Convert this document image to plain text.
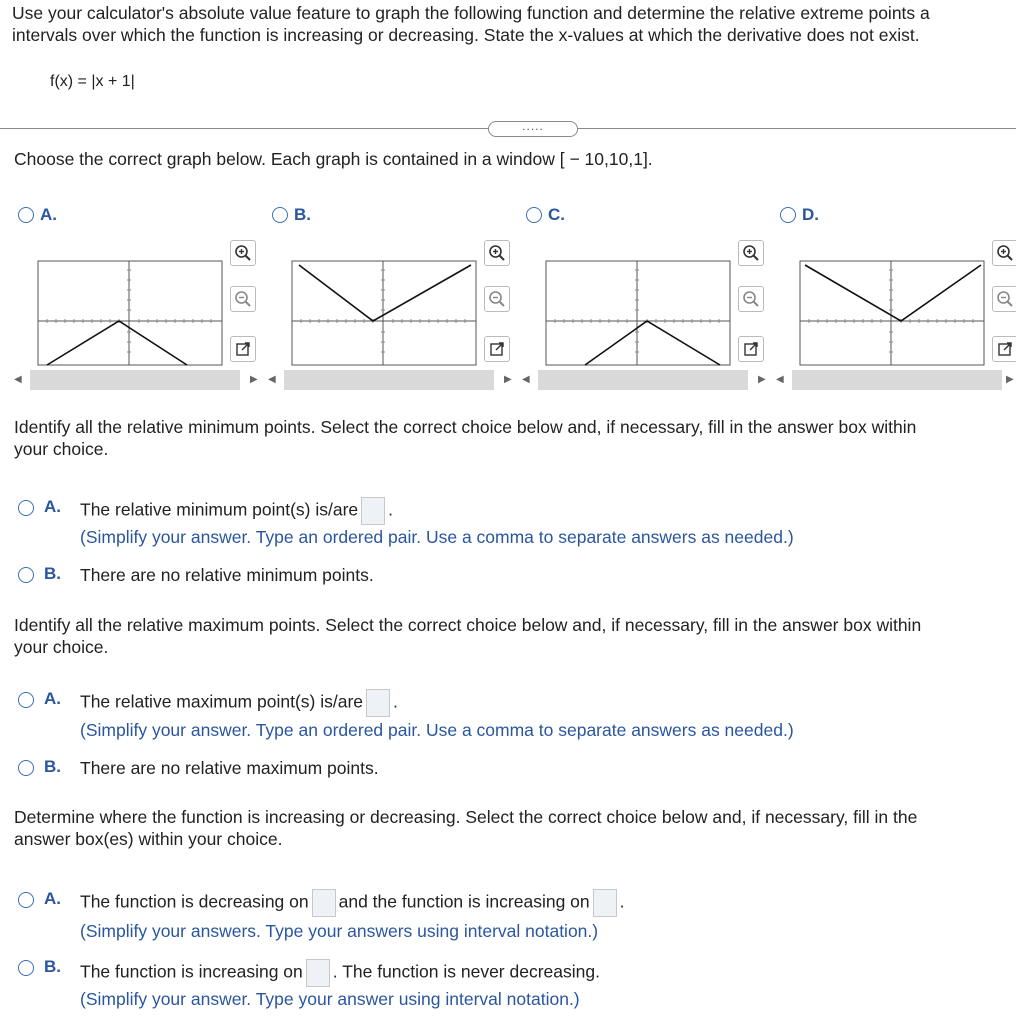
Use your calculator's absolute value feature to graph the following function and determine the relative extreme points a
intervals over which the function is increasing or decreasing. State the x-values at which the derivative does not exist.
f(x) = |x + 1|
.....
Choose the correct graph below. Each graph is contained in a window [ − 10,10,1].
A.
◀	▶
B.
◀	▶
C.
◀	▶
D.
◀	▶
Identify all the relative minimum points. Select the correct choice below and, if necessary, fill in the answer box within
your choice.
A. The relative minimum point(s) is/are .
(Simplify your answer. Type an ordered pair. Use a comma to separate answers as needed.)
B. There are no relative minimum points.
Identify all the relative maximum points. Select the correct choice below and, if necessary, fill in the answer box within
your choice.
A. The relative maximum point(s) is/are .
(Simplify your answer. Type an ordered pair. Use a comma to separate answers as needed.)
B. There are no relative maximum points.
Determine where the function is increasing or decreasing. Select the correct choice below and, if necessary, fill in the
answer box(es) within your choice.
A. The function is decreasing on and the function is increasing on .
(Simplify your answers. Type your answers using interval notation.)
B. The function is increasing on . The function is never decreasing.
(Simplify your answer. Type your answer using interval notation.)
